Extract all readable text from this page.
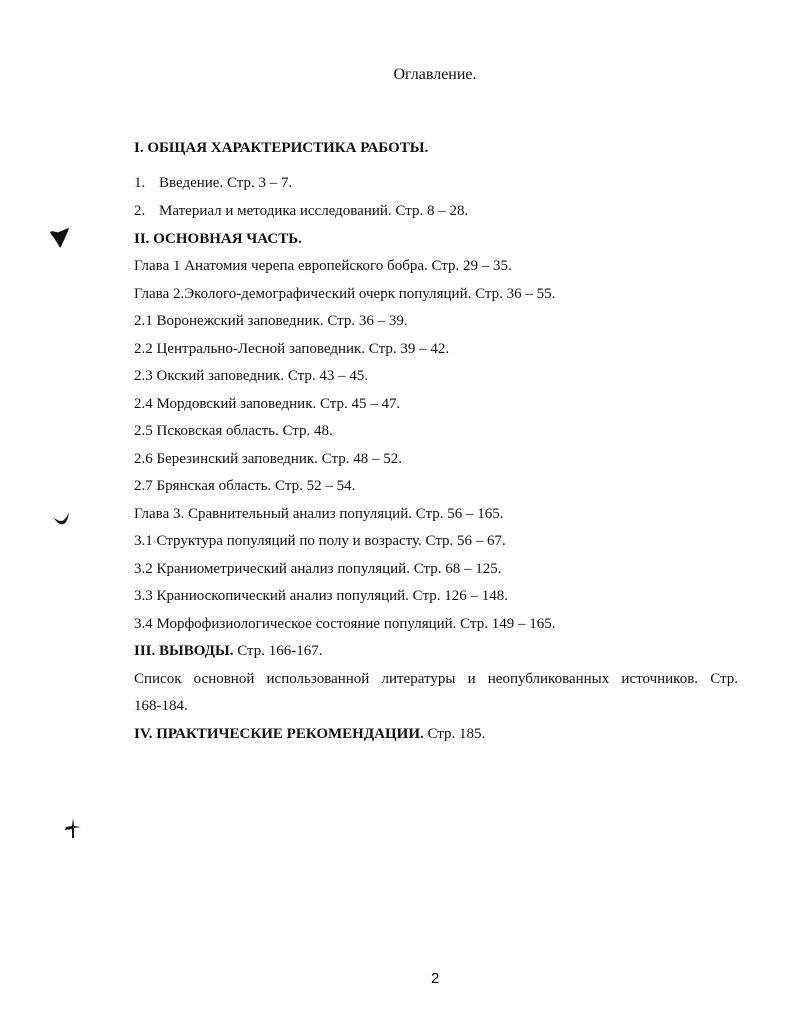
Оглавление.
I. ОБЩАЯ ХАРАКТЕРИСТИКА РАБОТЫ.
1. Введение. Стр. 3 – 7.
2. Материал и методика исследований. Стр. 8 – 28.
II. ОСНОВНАЯ ЧАСТЬ.
Глава 1 Анатомия черепа европейского бобра. Стр. 29 – 35.
Глава 2.Эколого-демографический очерк популяций. Стр. 36 – 55.
2.1 Воронежский заповедник. Стр. 36 – 39.
2.2 Центрально-Лесной заповедник. Стр. 39 – 42.
2.3 Окский заповедник. Стр. 43 – 45.
2.4 Мордовский заповедник. Стр. 45 – 47.
2.5 Псковская область. Стр. 48.
2.6 Березинский заповедник. Стр. 48 – 52.
2.7 Брянская область. Стр. 52 – 54.
Глава 3. Сравнительный анализ популяций. Стр. 56 – 165.
3.1 Структура популяций по полу и возрасту. Стр. 56 – 67.
3.2 Краниометрический анализ популяций. Стр. 68 – 125.
3.3 Краниоскопический анализ популяций. Стр. 126 – 148.
3.4 Морфофизиологическое состояние популяций. Стр. 149 – 165.
III. ВЫВОДЫ. Стр. 166-167.
Список основной использованной литературы и неопубликованных источников. Стр.
168-184.
IV. ПРАКТИЧЕСКИЕ РЕКОМЕНДАЦИИ. Стр. 185.
2
